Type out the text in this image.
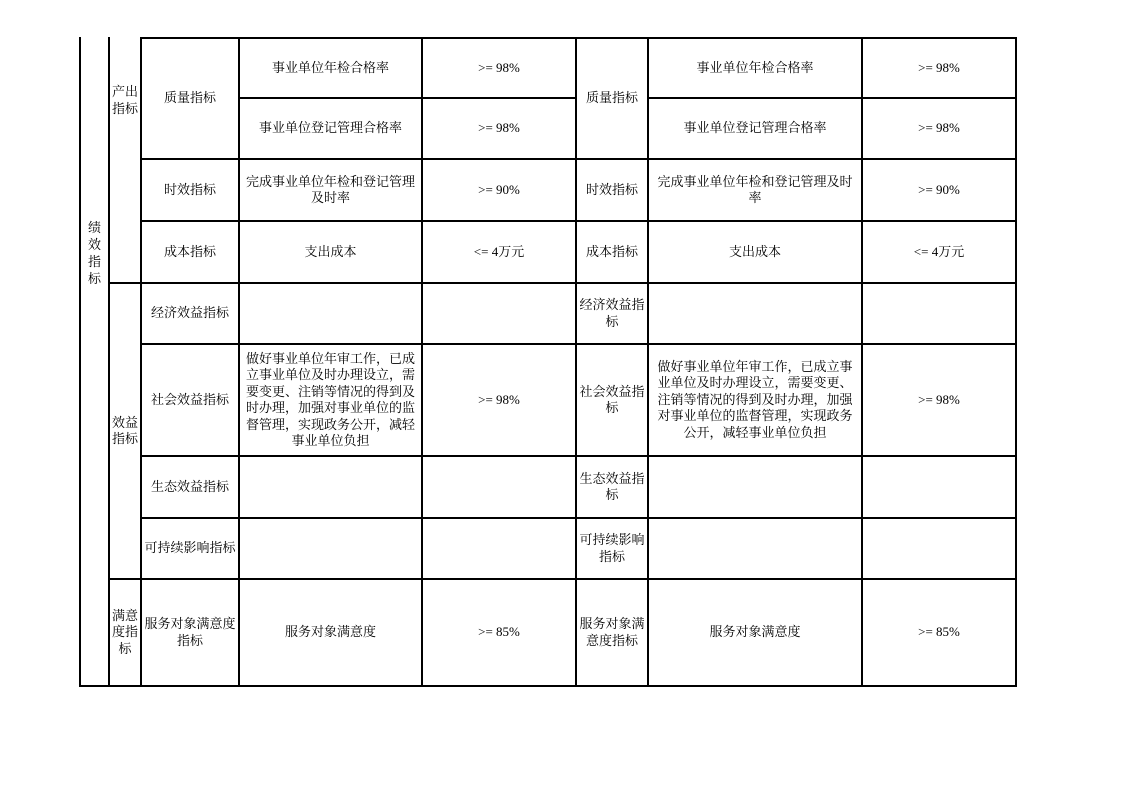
绩效指标
产出指标
效益指标
满意度指标
质量指标
时效指标
成本指标
经济效益指标
社会效益指标
生态效益指标
可持续影响指标
服务对象满意度指标
事业单位年检合格率
事业单位登记管理合格率
完成事业单位年检和登记管理及时率
支出成本
做好事业单位年审工作，已成立事业单位及时办理设立，需要变更、注销等情况的得到及时办理，加强对事业单位的监督管理，实现政务公开，减轻事业单位负担
服务对象满意度
>= 98%
>= 98%
>= 90%
<= 4万元
>= 98%
>= 85%
质量指标
时效指标
成本指标
经济效益指标
社会效益指标
生态效益指标
可持续影响指标
服务对象满意度指标
事业单位年检合格率
事业单位登记管理合格率
完成事业单位年检和登记管理及时率
支出成本
做好事业单位年审工作，已成立事业单位及时办理设立，需要变更、注销等情况的得到及时办理，加强对事业单位的监督管理，实现政务公开，减轻事业单位负担
服务对象满意度
>= 98%
>= 98%
>= 90%
<= 4万元
>= 98%
>= 85%
